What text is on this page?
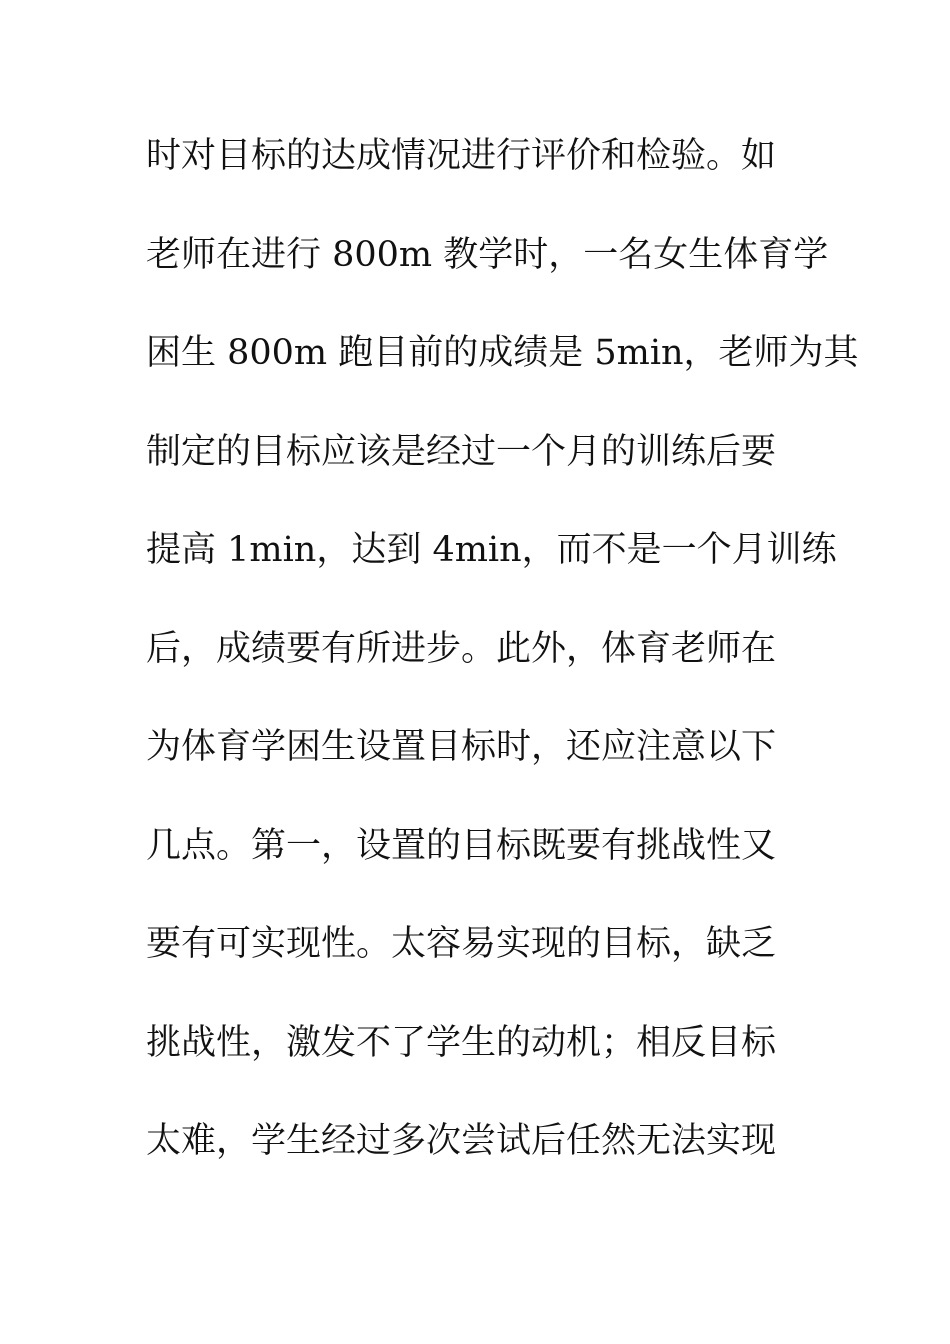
时对目标的达成情况进行评价和检验。如
老师在进行 800m 教学时，一名女生体育学
困生 800m 跑目前的成绩是 5min，老师为其
制定的目标应该是经过一个月的训练后要
提高 1min，达到 4min，而不是一个月训练
后，成绩要有所进步。此外，体育老师在
为体育学困生设置目标时，还应注意以下
几点。第一，设置的目标既要有挑战性又
要有可实现性。太容易实现的目标，缺乏
挑战性，激发不了学生的动机；相反目标
太难，学生经过多次尝试后任然无法实现
